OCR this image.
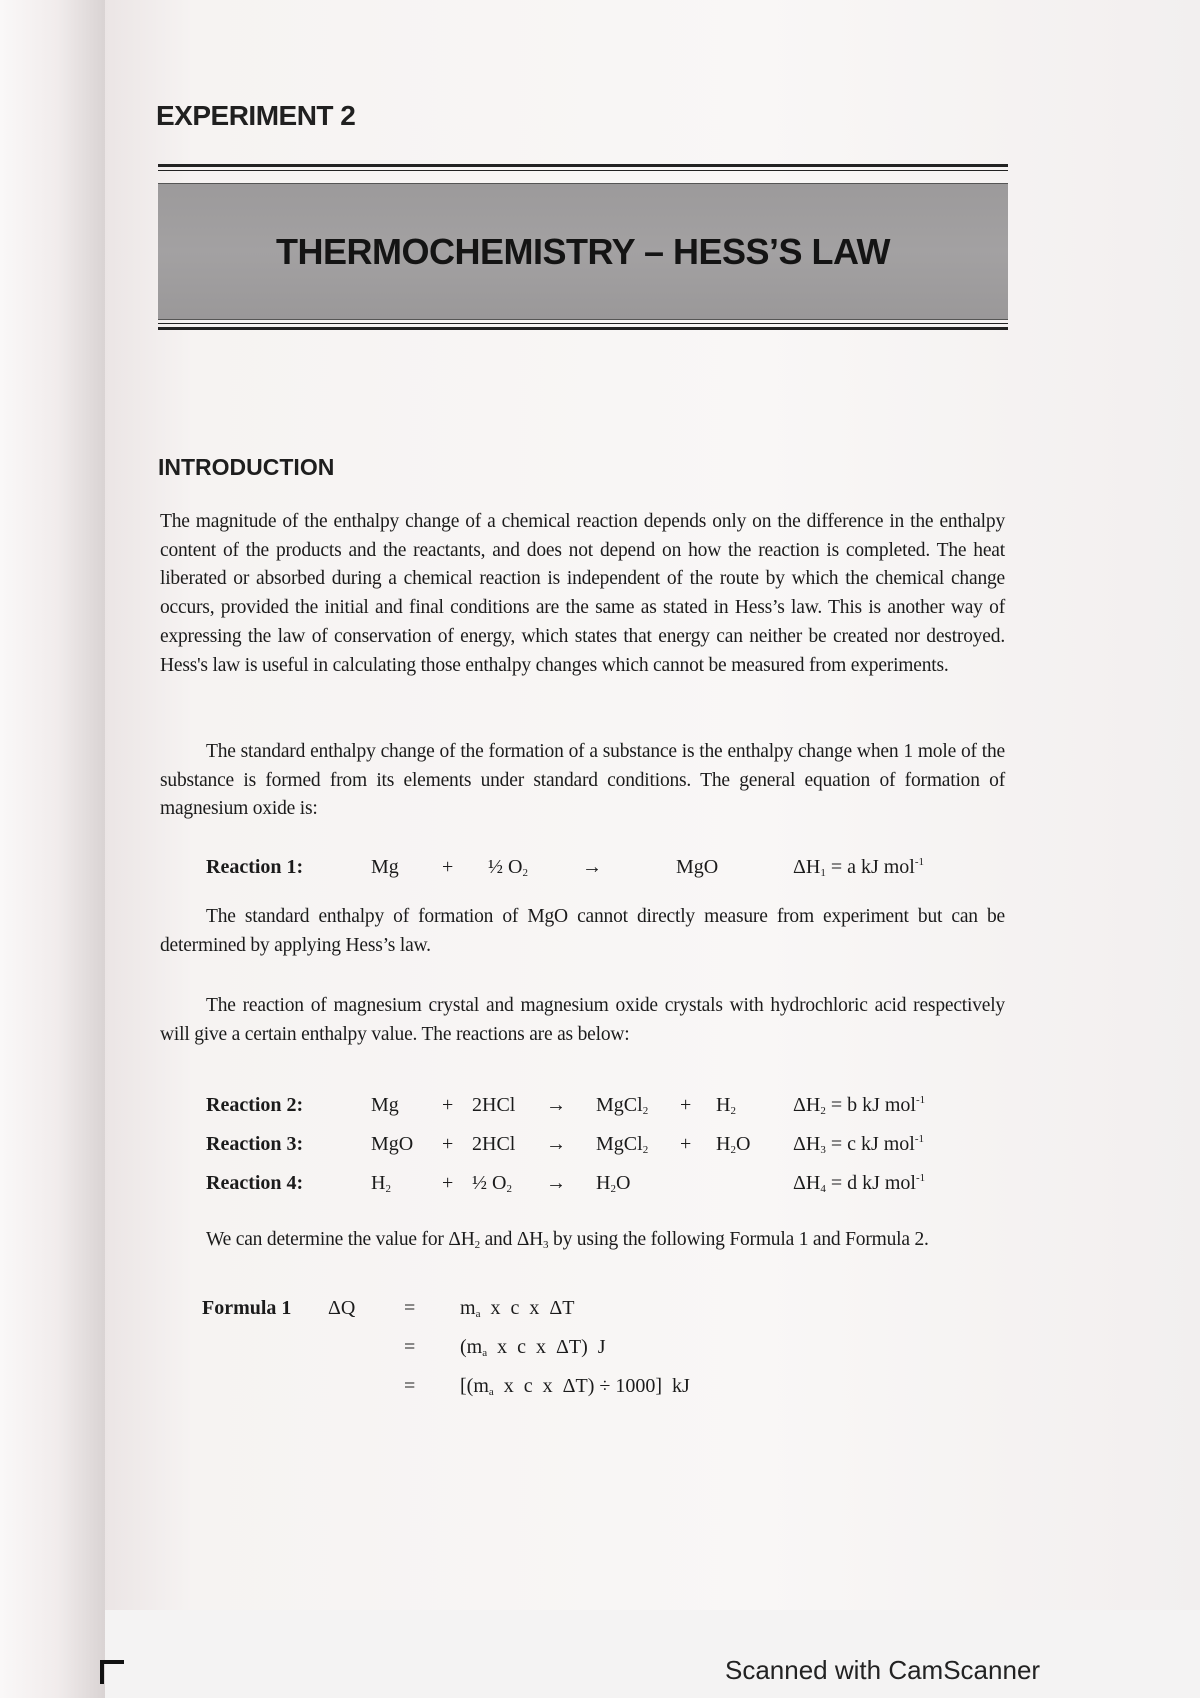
EXPERIMENT 2
THERMOCHEMISTRY – HESS’S LAW
INTRODUCTION

The magnitude of the enthalpy change of a chemical reaction depends only on the difference in the enthalpy content of the products and the reactants, and does not depend on how the reaction is completed. The heat liberated or absorbed during a chemical reaction is independent of the route by which the chemical change occurs, provided the initial and final conditions are the same as stated in Hess’s law. This is another way of expressing the law of conservation of energy, which states that energy can neither be created nor destroyed. Hess's law is useful in calculating those enthalpy changes which cannot be measured from experiments.

The standard enthalpy change of the formation of a substance is the enthalpy change when 1 mole of the substance is formed from its elements under standard conditions. The general equation of formation of magnesium oxide is:

Reaction 1:	Mg + ½ $O_2$	→	MgO	$\Delta H_1 = a$ kJ mol$^{-1}$

The standard enthalpy of formation of MgO cannot directly measure from experiment but can be determined by applying Hess’s law.

The reaction of magnesium crystal and magnesium oxide crystals with hydrochloric acid respectively will give a certain enthalpy value. The reactions are as below:

Reaction 2:	Mg + 2HCl → MgCl$_2$ + $H_2$	$\Delta H_2 = b$ kJ mol$^{-1}$
Reaction 3:	MgO + 2HCl → MgCl$_2$ + $H_2O$ $\Delta H_3 = c$ kJ mol$^{-1}$
Reaction 4:	$H_2$	+ ½ $O_2 \to H_2O$	$\Delta H_4 = d$ kJ mol$^{-1}$

We can determine the value for $\Delta H_2$ and $\Delta H_3$ by using the following Formula 1 and Formula 2.

Formula 1 $\Delta Q = m_a$  x  c  x  ΔT
= ($m_a$  x  c  x  ΔT)  J
= [($m_a$  x  c  x  ΔT) ÷ 1000]  kJ
Scanned with CamScanner
